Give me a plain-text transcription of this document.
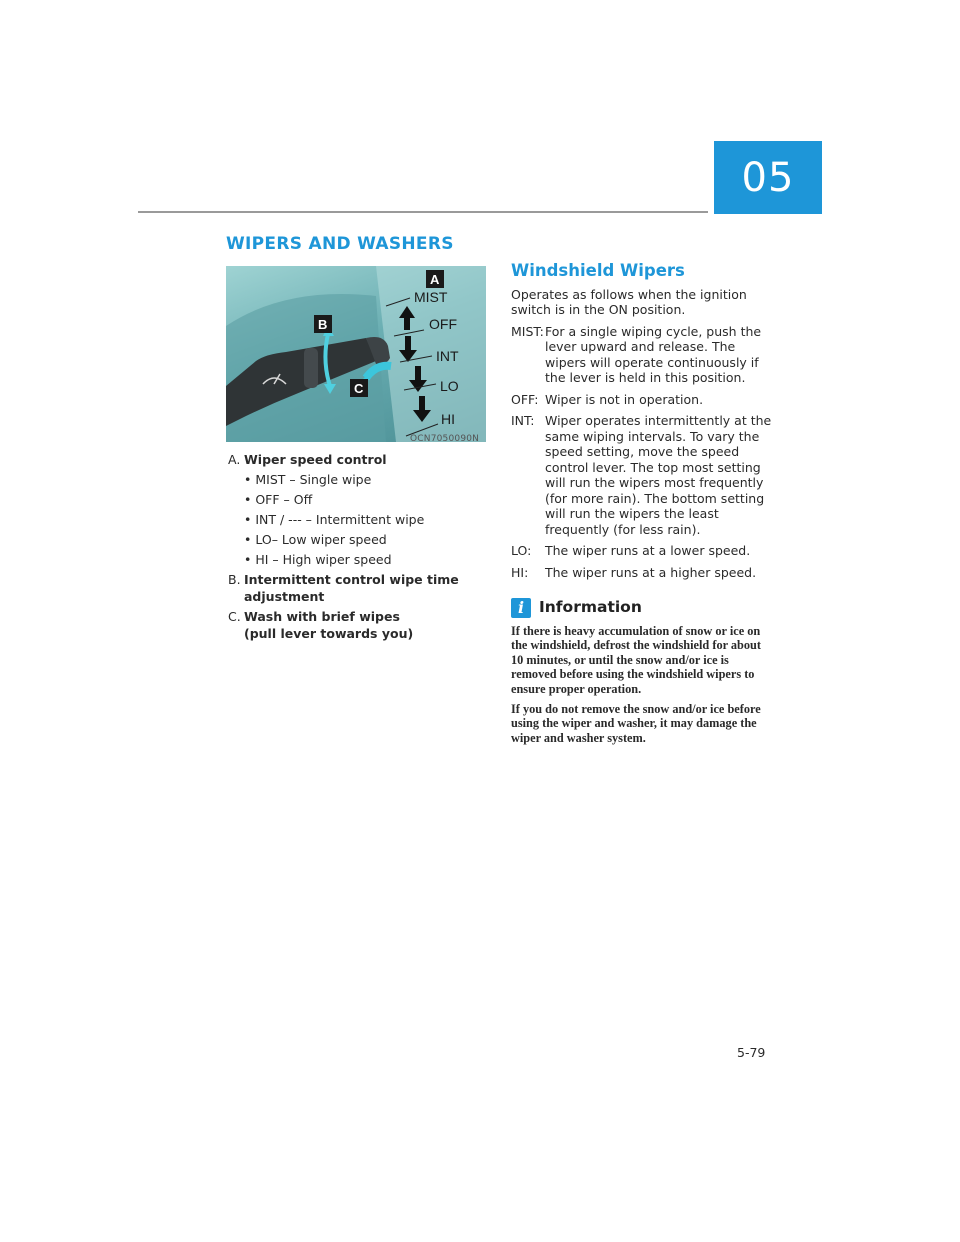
05
WIPERS AND WASHERS
A
B
C
MIST
OFF
INT
LO
HI
OCN7050090N
A. Wiper speed control
• MIST – Single wipe
• OFF – Off
• INT / --- – Intermittent wipe
• LO– Low wiper speed
• HI – High wiper speed
B. Intermittent control wipe time adjustment
C. Wash with brief wipes
(pull lever towards you)
Windshield Wipers

Operates as follows when the ignition switch is in the ON position.

MIST: For a single wiping cycle, push the lever upward and release. The wipers will operate continuously if the lever is held in this position.
OFF: Wiper is not in operation.
INT: Wiper operates intermittently at the same wiping intervals. To vary the speed setting, move the speed control lever. The top most setting will run the wipers most frequently (for more rain). The bottom setting will run the wipers the least frequently (for less rain).
LO:	The wiper runs at a lower speed.
HI:	The wiper runs at a higher speed.
i Information

If there is heavy accumulation of snow or ice on the windshield, defrost the windshield for about 10 minutes, or until the snow and/or ice is removed before using the windshield wipers to ensure proper operation.

If you do not remove the snow and/or ice before using the wiper and washer, it may damage the wiper and washer system.

5-79
